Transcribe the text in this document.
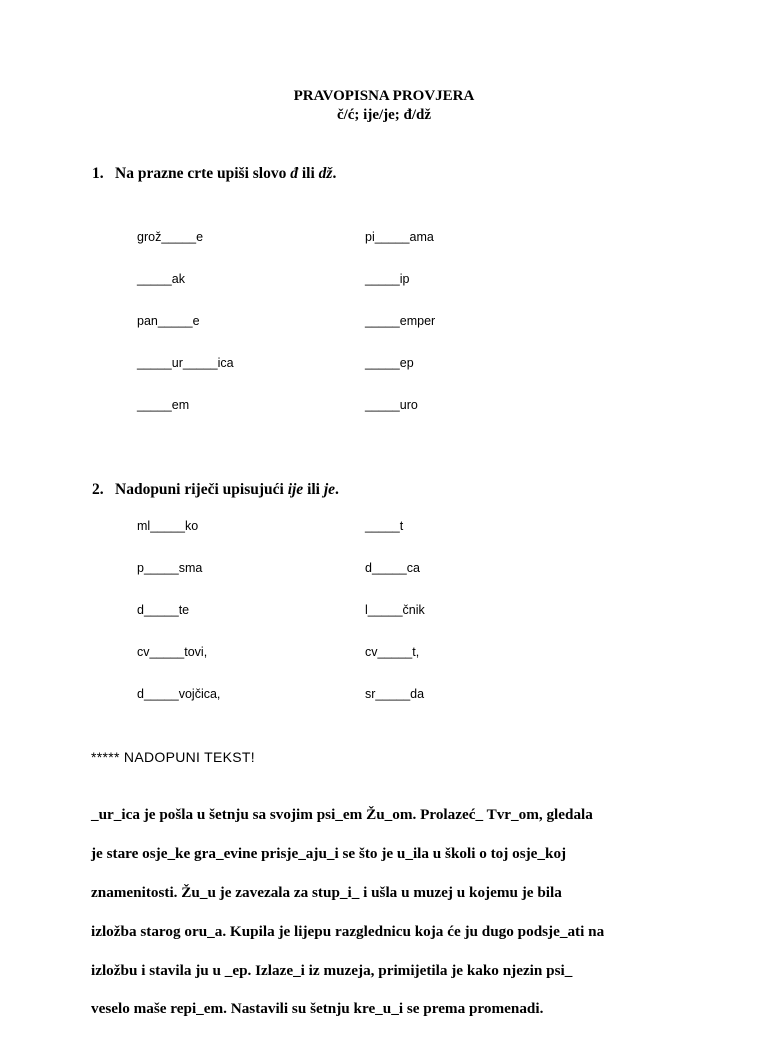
PRAVOPISNA PROVJERA
č/ć; ije/je; đ/dž
1. Na prazne crte upiši slovo đ ili dž.
grož_____e	pi_____ama
_____ak	_____ip
pan_____e	_____emper
_____ur_____ica	_____ep
_____em	_____uro
2. Nadopuni riječi upisujući ije ili je.
ml_____ko	_____t
p_____sma	d_____ca
d_____te	l_____čnik
cv_____tovi,	cv_____t,
d_____vojčica,	sr_____da
***** NADOPUNI TEKST!

_ur_ica je pošla u šetnju sa svojim psi_em Žu_om. Prolazeć_ Tvr_om, gledala

je stare osje_ke gra_evine prisje_aju_i se što je u_ila u školi o toj osje_koj

znamenitosti. Žu_u je zavezala za stup_i_ i ušla u muzej u kojemu je bila

izložba starog oru_a. Kupila je lijepu razglednicu koja će ju dugo podsje_ati na

izložbu i stavila ju u _ep. Izlaze_i iz muzeja, primijetila je kako njezin psi_

veselo maše repi_em. Nastavili su šetnju kre_u_i se prema promenadi.
